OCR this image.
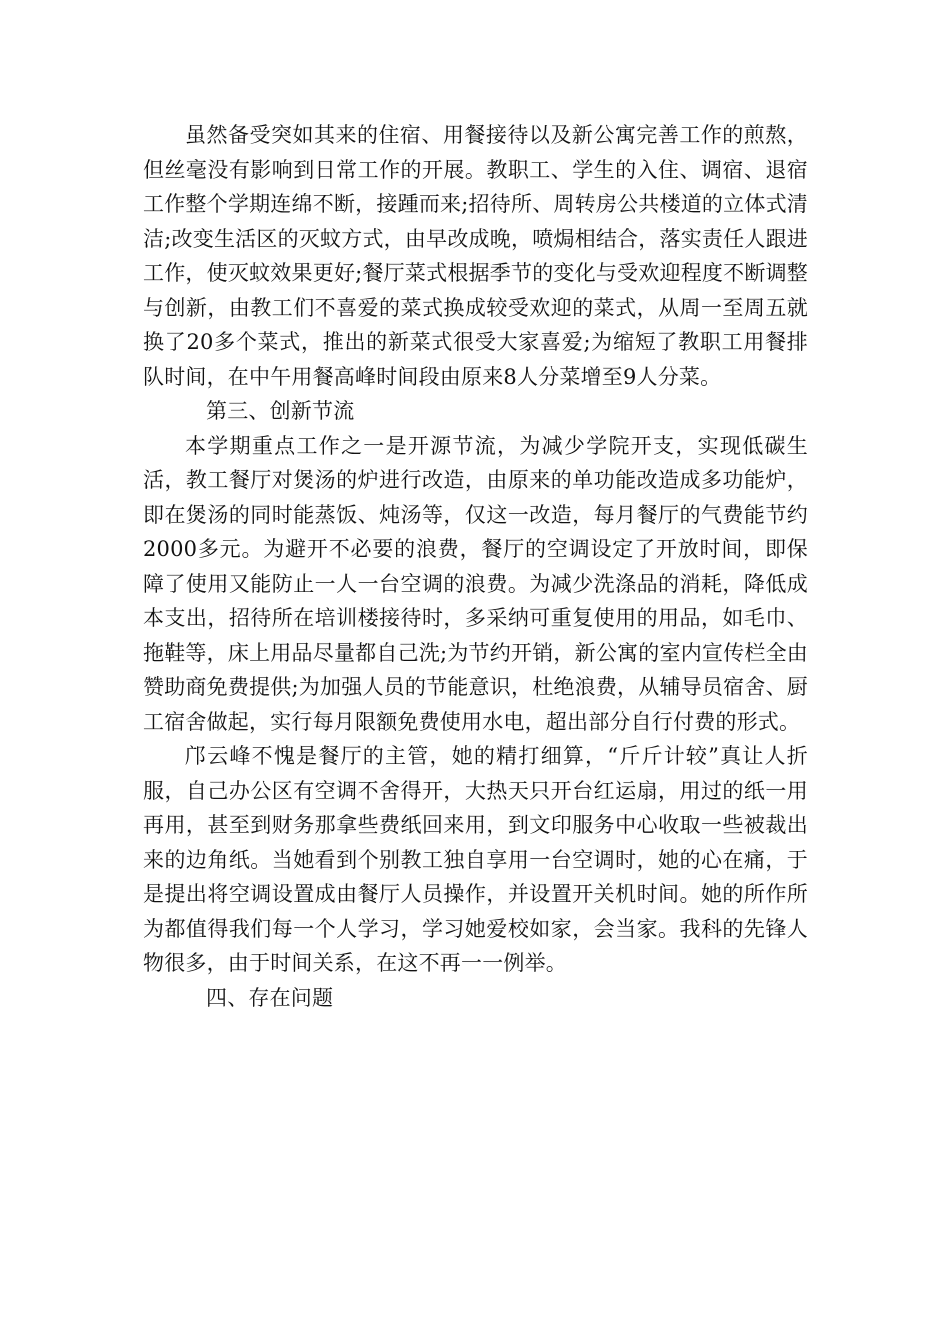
虽然备受突如其来的住宿、用餐接待以及新公寓完善工作的煎熬，但丝毫没有影响到日常工作的开展。教职工、学生的入住、调宿、退宿工作整个学期连绵不断，接踵而来;招待所、周转房公共楼道的立体式清洁;改变生活区的灭蚊方式，由早改成晚，喷焗相结合，落实责任人跟进工作，使灭蚊效果更好;餐厅菜式根据季节的变化与受欢迎程度不断调整与创新，由教工们不喜爱的菜式换成较受欢迎的菜式，从周一至周五就换了20多个菜式，推出的新菜式很受大家喜爱;为缩短了教职工用餐排队时间，在中午用餐高峰时间段由原来8人分菜增至9人分菜。

第三、创新节流

本学期重点工作之一是开源节流，为减少学院开支，实现低碳生活，教工餐厅对煲汤的炉进行改造，由原来的单功能改造成多功能炉，即在煲汤的同时能蒸饭、炖汤等，仅这一改造，每月餐厅的气费能节约2000多元。为避开不必要的浪费，餐厅的空调设定了开放时间，即保障了使用又能防止一人一台空调的浪费。为减少洗涤品的消耗，降低成本支出，招待所在培训楼接待时，多采纳可重复使用的用品，如毛巾、拖鞋等，床上用品尽量都自己洗;为节约开销，新公寓的室内宣传栏全由赞助商免费提供;为加强人员的节能意识，杜绝浪费，从辅导员宿舍、厨工宿舍做起，实行每月限额免费使用水电，超出部分自行付费的形式。

邝云峰不愧是餐厅的主管，她的精打细算，“斤斤计较”真让人折服，自己办公区有空调不舍得开，大热天只开台红运扇，用过的纸一用再用，甚至到财务那拿些费纸回来用，到文印服务中心收取一些被裁出来的边角纸。当她看到个别教工独自享用一台空调时，她的心在痛，于是提出将空调设置成由餐厅人员操作，并设置开关机时间。她的所作所为都值得我们每一个人学习，学习她爱校如家，会当家。我科的先锋人物很多，由于时间关系，在这不再一一例举。

四、存在问题
